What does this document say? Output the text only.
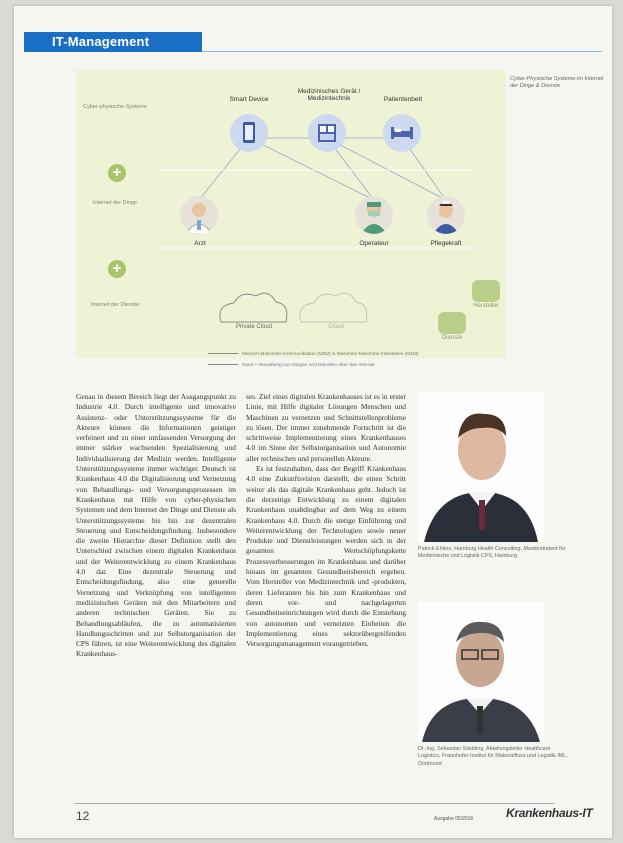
IT-Management
Cyber-physische Systeme
+
Internet der Dinge
+
Internet der Dienste
Smart Device
Medizinisches Gerät / Medizintechnik	Patientenbett
Arzt	Operateur	Pflegekraft
Private Cloud	Cloud
Hersteller
Dienste
Mensch-Maschine-Kommunikation (M2M) & Maschine-Maschine-Interaktion (M2M)
SaaS • Verwaltung von Dingen und Diensten über das Internet
Cyber-Physische Systeme im Internet der Dinge & Dienste

Genau in diesem Bereich liegt der Ausgangspunkt zu Industrie 4.0. Durch intelligente und innovative Assistenz- oder Unterstützungssysteme für die Akteure können die Informationen geistiger verfeinert und zu einer umfassenden Versorgung der immer stärker wachsenden Spezialisierung und Individualisierung der Medizin werden. Intelligente Unterstützungssysteme immer wichtiger. Deutsch ist Krankenhaus 4.0 die Digitalisierung und Vernetzung von Behandlungs- und Versorgungsprozessen im Krankenhaus mit Hilfe von cyber-physischen Systemen und dem Internet der Dinge und Dienste als Unterstützungssysteme bis hin zur dezentralen Steuerung und Entscheidungsfindung. Insbesondere die zweite Hierarchie dieser Definition stellt den Unterschied zwischen einem digitalen Krankenhaus und der Weiterentwicklung zu einem Krankenhaus 4.0 dar. Eine dezentrale Steuerung und Entscheidungsfindung, also eine generelle Vernetzung und Verknüpfung von intelligenten medizinischen Geräten mit den Mitarbeitern und anderen technischen Geräten. Sie zu Behandlungsabläufen, die zu automatisierten Handlungsschritten und zur Selbstorganisation der CPS führen, ist eine Weiterentwicklung des digitalen Krankenhaus-

ses. Ziel eines digitalen Krankenhauses ist es in erster Linie, mit Hilfe digitaler Lösungen Menschen und Maschinen zu vernetzen und Schnittstellenprobleme zu lösen. Der immer zunehmende Fortschritt ist die schrittweise Implementierung eines Krankenhauses 4.0 im Sinne der Selbstorganisation und Autonomie aller technischen und personellen Akteure.

Es ist festzuhalten, dass der Begriff Krankenhaus 4.0 eine Zukunftsvision darstellt, die einen Schritt weiter als das digitale Krankenhaus geht. Jedoch ist die derzeitige Entwicklung zu einem digitalen Krankenhaus unabdingbar auf dem Weg zu einem Krankenhaus 4.0. Durch die stetige Einführung und Weiterentwicklung der Technologien sowie neuer Produkte und Dienstleistungen werden sich in der gesamten Wertschöpfungskette Prozessverbesserungen im Krankenhaus und darüber hinaus im gesamten Gesundheitsbereich ergeben. Vom Hersteller von Medizintechnik und -produkten, deren Lieferanten bis hin zum Krankenhaus und deren vor- und nachgelagerten Gesundheitseinrichtungen wird durch die Entstehung von autonomen und vernetzten Einheiten die Implementierung eines sektorübergreifenden Versorgungsmanagement vorangetrieben.

Patrick Ehlers, Hamburg Health Consulting, Masterstudent für Medizinische und Logistik CPS, Hamburg
Dr.-Ing. Sebastian Stiebling, Abteilungsleiter Healthcare Logistics, Fraunhofer-Institut für Materialfluss und Logistik IML, Dortmund
12	Ausgabe 05/2016	Krankenhaus-IT
